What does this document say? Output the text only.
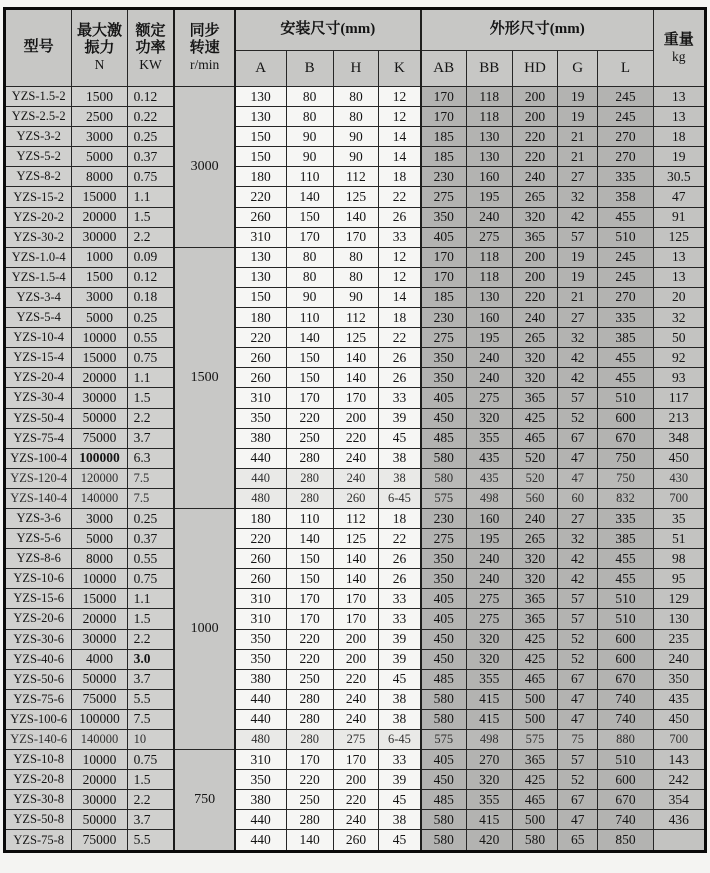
型号

最大激
振力
N

额定
功率
KW

同步
转速
r/min
	安装尺寸(mm)	外形尺寸(mm)	
重量
kg

				A	B	H	K	AB	BB	HD	G	L	
YZS-1.5-2	1500	0.12	3000	130	80	80	12	170	118	200	19	245	13
YZS-2.5-2	2500	0.22		130	80	80	12	170	118	200	19	245	13
YZS-3-2	3000	0.25		150	90	90	14	185	130	220	21	270	18
YZS-5-2	5000	0.37		150	90	90	14	185	130	220	21	270	19
YZS-8-2	8000	0.75		180	110	112	18	230	160	240	27	335	30.5
YZS-15-2	15000	1.1		220	140	125	22	275	195	265	32	358	47
YZS-20-2	20000	1.5		260	150	140	26	350	240	320	42	455	91
YZS-30-2	30000	2.2		310	170	170	33	405	275	365	57	510	125
YZS-1.0-4	1000	0.09	1500	130	80	80	12	170	118	200	19	245	13
YZS-1.5-4	1500	0.12		130	80	80	12	170	118	200	19	245	13
YZS-3-4	3000	0.18		150	90	90	14	185	130	220	21	270	20
YZS-5-4	5000	0.25		180	110	112	18	230	160	240	27	335	32
YZS-10-4	10000	0.55		220	140	125	22	275	195	265	32	385	50
YZS-15-4	15000	0.75		260	150	140	26	350	240	320	42	455	92
YZS-20-4	20000	1.1		260	150	140	26	350	240	320	42	455	93
YZS-30-4	30000	1.5		310	170	170	33	405	275	365	57	510	117
YZS-50-4	50000	2.2		350	220	200	39	450	320	425	52	600	213
YZS-75-4	75000	3.7		380	250	220	45	485	355	465	67	670	348
YZS-100-4	100000	6.3		440	280	240	38	580	435	520	47	750	450
YZS-120-4	120000	7.5		440	280	240	38	580	435	520	47	750	430
YZS-140-4	140000	7.5		480	280	260	6-45	575	498	560	60	832	700
YZS-3-6	3000	0.25	1000	180	110	112	18	230	160	240	27	335	35
YZS-5-6	5000	0.37		220	140	125	22	275	195	265	32	385	51
YZS-8-6	8000	0.55		260	150	140	26	350	240	320	42	455	98
YZS-10-6	10000	0.75		260	150	140	26	350	240	320	42	455	95
YZS-15-6	15000	1.1		310	170	170	33	405	275	365	57	510	129
YZS-20-6	20000	1.5		310	170	170	33	405	275	365	57	510	130
YZS-30-6	30000	2.2		350	220	200	39	450	320	425	52	600	235
YZS-40-6	4000	3.0		350	220	200	39	450	320	425	52	600	240
YZS-50-6	50000	3.7		380	250	220	45	485	355	465	67	670	350
YZS-75-6	75000	5.5		440	280	240	38	580	415	500	47	740	435
YZS-100-6	100000	7.5		440	280	240	38	580	415	500	47	740	450
YZS-140-6	140000	10		480	280	275	6-45	575	498	575	75	880	700
YZS-10-8	10000	0.75	750	310	170	170	33	405	270	365	57	510	143
YZS-20-8	20000	1.5		350	220	200	39	450	320	425	52	600	242
YZS-30-8	30000	2.2		380	250	220	45	485	355	465	67	670	354
YZS-50-8	50000	3.7		440	280	240	38	580	415	500	47	740	436
YZS-75-8	75000	5.5		440	140	260	45	580	420	580	65	850	
